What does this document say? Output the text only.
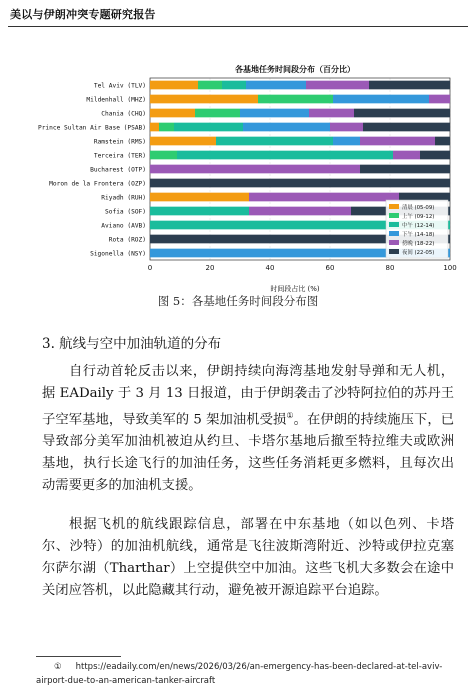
美以与伊朗冲突专题研究报告
各基地任务时间段分布（百分比）
时间段占比 (%)
0	20	40	60	80	100
Tel Aviv (TLV)
Mildenhall (MHZ)
Chania (CHQ)
Prince Sultan Air Base (PSAB)
Ramstein (RMS)
Terceira (TER)
Bucharest (OTP)
Moron de la Frontera (OZP)
Riyadh (RUH)
Sofia (SOF)
Aviano (AVB)
Rota (ROZ)
Sigonella (NSY)
清晨 (05-09)
上午 (09-12)
中午 (12-14)
下午 (14-18)
傍晚 (18-22)
夜间 (22-05)
图 5：各基地任务时间段分布图
3. 航线与空中加油轨道的分布
自行动首轮反击以来，伊朗持续向海湾基地发射导弹和无人机，据 EADaily 于 3 月 13 日报道，由于伊朗袭击了沙特阿拉伯的苏丹王子空军基地，导致美军的 5 架加油机受损①。在伊朗的持续施压下，已导致部分美军加油机被迫从约旦、卡塔尔基地后撤至特拉维夫或欧洲基地，执行长途飞行的加油任务，这些任务消耗更多燃料，且每次出动需要更多的加油机支援。
根据飞机的航线跟踪信息，部署在中东基地（如以色列、卡塔尔、沙特）的加油机航线，通常是飞往波斯湾附近、沙特或伊拉克塞尔萨尔湖（Tharthar）上空提供空中加油。这些飞机大多数会在途中关闭应答机，以此隐藏其行动，避免被开源追踪平台追踪。
① https://eadaily.com/en/news/2026/03/26/an-emergency-has-been-declared-at-tel-aviv-airport-due-to-an-american-tanker-aircraft
